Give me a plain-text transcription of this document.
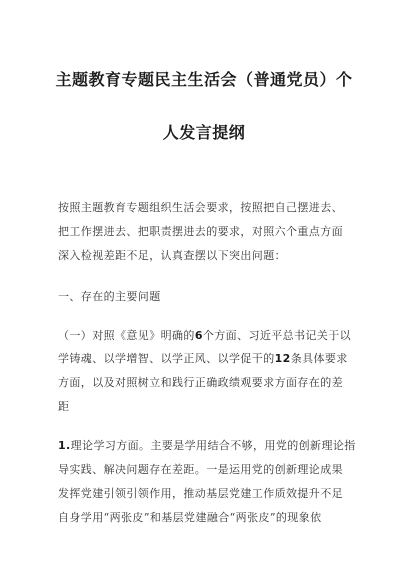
主题教育专题民主生活会（普通党员）个
人发言提纲
按照主题教育专题组织生活会要求，按照把自己摆进去、
把工作摆进去、把职责摆进去的要求，对照六个重点方面
深入检视差距不足，认真查摆以下突出问题：
一、存在的主要问题
（一）对照《意见》明确的6个方面、习近平总书记关于以
学铸魂、以学增智、以学正风、以学促干的12条具体要求
方面，以及对照树立和践行正确政绩观要求方面存在的差
距
1.理论学习方面。主要是学用结合不够，用党的创新理论指
导实践、解决问题存在差距。一是运用党的创新理论成果
发挥党建引领引领作用，推动基层党建工作质效提升不足
自身学用“两张皮”和基层党建融合“两张皮”的现象依
